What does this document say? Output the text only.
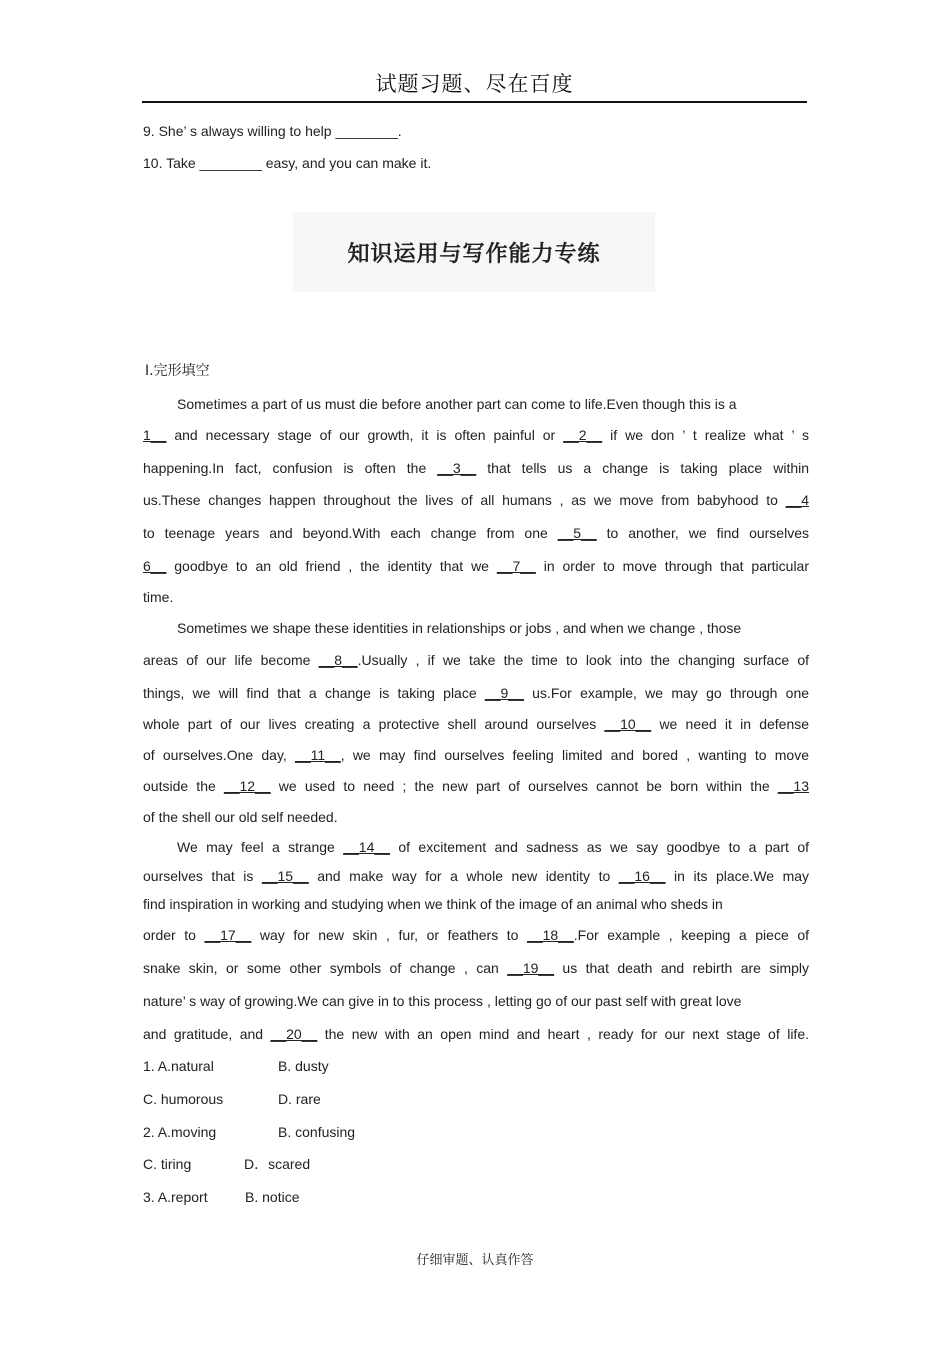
试题习题、尽在百度
9. She’ s always willing to help ________.
10. Take ________ easy, and you can make it.
知识运用与写作能力专练
Ⅰ.完形填空
Sometimes a part of us must die before another part can come to life.Even though this is a
1__ and necessary stage of our growth, it is often painful or __2__ if we don ’ t realize what ’ s
happening.In fact, confusion is often the __3__ that tells us a change is taking place within
us.These changes happen throughout the lives of all humans , as we move from babyhood to __4
to teenage years and beyond.With each change from one __5__ to another, we find ourselves
6__ goodbye to an old friend , the identity that we __7__ in order to move through that particular
time.
Sometimes we shape these identities in relationships or jobs , and when we change , those
areas of our life become __8__.Usually , if we take the time to look into the changing surface of
things, we will find that a change is taking place __9__ us.For example, we may go through one
whole part of our lives creating a protective shell around ourselves __10__ we need it in defense
of ourselves.One day, __11__, we may find ourselves feeling limited and bored , wanting to move
outside the __12__ we used to need ; the new part of ourselves cannot be born within the __13
of the shell our old self needed.
We may feel a strange __14__ of excitement and sadness as we say goodbye to a part of
ourselves that is __15__ and make way for a whole new identity to __16__ in its place.We may
find inspiration in working and studying when we think of the image of an animal who sheds in
order to __17__ way for new skin , fur, or feathers to __18__.For example , keeping a piece of
snake skin, or some other symbols of change , can __19__ us that death and rebirth are simply
nature’ s way of growing.We can give in to this process , letting go of our past self with great love
and gratitude, and __20__ the new with an open mind and heart , ready for our next stage of life.
1. A.natural	B. dusty
C. humorous	D. rare
2. A.moving	B. confusing
C. tiring	D．scared
3. A.report	B. notice
仔细审题、认真作答
